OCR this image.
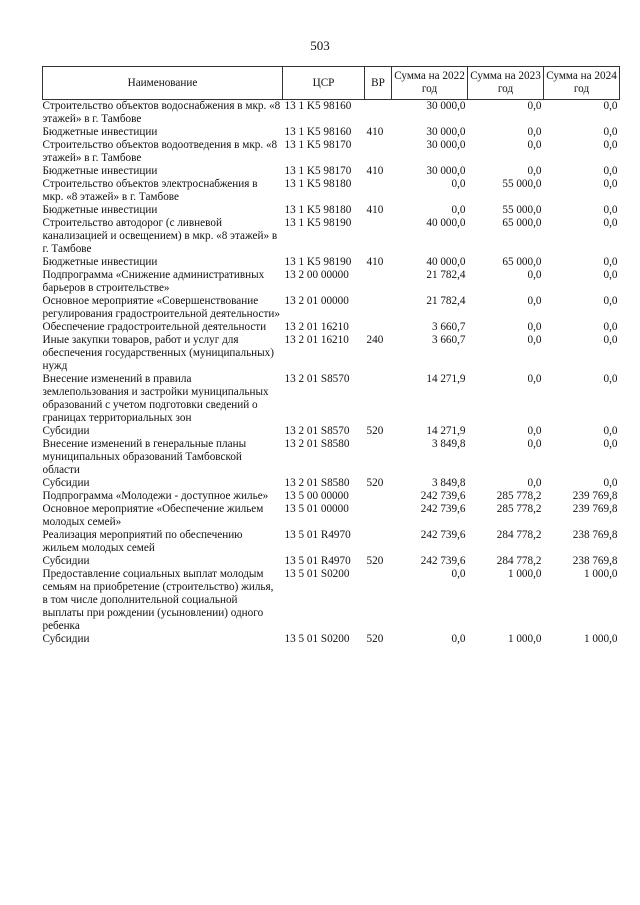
503
Наименование	ЦСР	ВР	Сумма на 2022 год	Сумма на 2023 год	Сумма на 2024 год
Строительство объектов водоснабжения в мкр. «8 этажей» в г. Тамбове	13 1 K5 98160		30 000,0	0,0	0,0
Бюджетные инвестиции	13 1 K5 98160	410	30 000,0	0,0	0,0
Строительство объектов водоотведения в мкр. «8 этажей» в г. Тамбове	13 1 K5 98170		30 000,0	0,0	0,0
Бюджетные инвестиции	13 1 K5 98170	410	30 000,0	0,0	0,0
Строительство объектов электроснабжения в мкр. «8 этажей» в г. Тамбове	13 1 K5 98180		0,0	55 000,0	0,0
Бюджетные инвестиции	13 1 K5 98180	410	0,0	55 000,0	0,0
Строительство автодорог (с ливневой канализацией и освещением) в мкр. «8 этажей» в г. Тамбове	13 1 K5 98190		40 000,0	65 000,0	0,0
Бюджетные инвестиции	13 1 K5 98190	410	40 000,0	65 000,0	0,0
Подпрограмма «Снижение административных барьеров в строительстве»	13 2 00 00000		21 782,4	0,0	0,0
Основное мероприятие «Совершенствование регулирования градостроительной деятельности»	13 2 01 00000		21 782,4	0,0	0,0
Обеспечение градостроительной деятельности	13 2 01 16210		3 660,7	0,0	0,0
Иные закупки товаров, работ и услуг для обеспечения государственных (муниципальных) нужд	13 2 01 16210	240	3 660,7	0,0	0,0
Внесение изменений в правила землепользования и застройки муниципальных образований с учетом подготовки сведений о границах территориальных зон	13 2 01 S8570		14 271,9	0,0	0,0
Субсидии	13 2 01 S8570	520	14 271,9	0,0	0,0
Внесение изменений в генеральные планы муниципальных образований Тамбовской области	13 2 01 S8580		3 849,8	0,0	0,0
Субсидии	13 2 01 S8580	520	3 849,8	0,0	0,0
Подпрограмма «Молодежи - доступное жилье»	13 5 00 00000		242 739,6	285 778,2	239 769,8
Основное мероприятие «Обеспечение жильем молодых семей»	13 5 01 00000		242 739,6	285 778,2	239 769,8
Реализация мероприятий по обеспечению жильем молодых семей	13 5 01 R4970		242 739,6	284 778,2	238 769,8
Субсидии	13 5 01 R4970	520	242 739,6	284 778,2	238 769,8
Предоставление социальных выплат молодым семьям на приобретение (строительство) жилья, в том числе дополнительной социальной выплаты при рождении (усыновлении) одного ребенка	13 5 01 S0200		0,0	1 000,0	1 000,0
Субсидии	13 5 01 S0200	520	0,0	1 000,0	1 000,0
